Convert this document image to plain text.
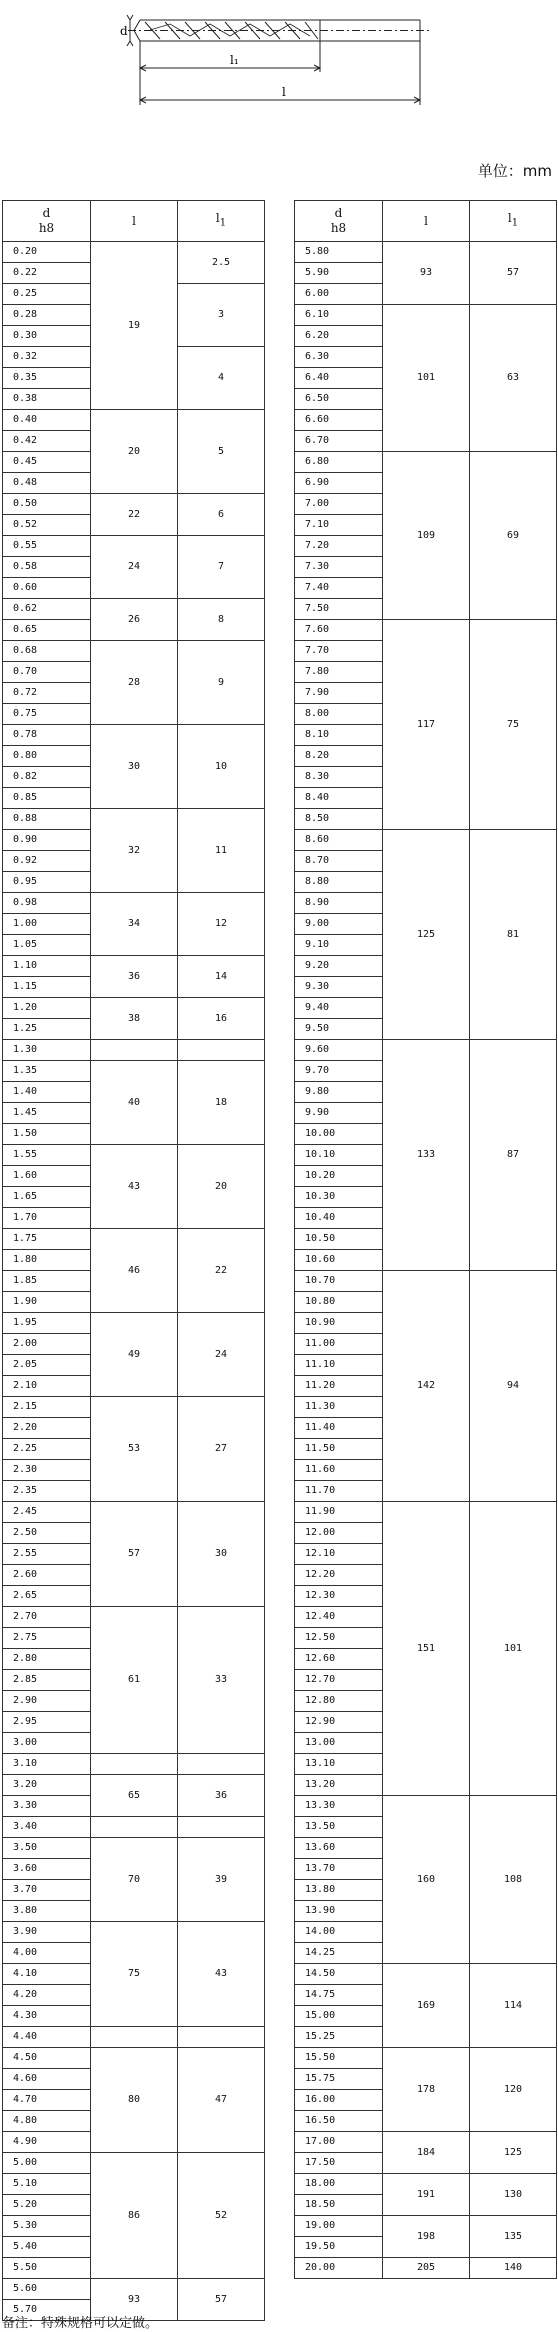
d
l₁
l
单位：mm
d
h8	l	$l_1$
0.20	19	2.5
0.22		
0.25		3
0.28		
0.30		
0.32		4
0.35		
0.38		
0.40	20	5
0.42		
0.45		
0.48		
0.50	22	6
0.52		
0.55	24	7
0.58		
0.60		
0.62	26	8
0.65		
0.68	28	9
0.70		
0.72		
0.75		
0.78	30	10
0.80		
0.82		
0.85		
0.88	32	11
0.90		
0.92		
0.95		
0.98	34	12
1.00		
1.05		
1.10	36	14
1.15		
1.20	38	16
1.25		
1.30		
1.35	40	18
1.40		
1.45		
1.50		
1.55	43	20
1.60		
1.65		
1.70		
1.75	46	22
1.80		
1.85		
1.90		
1.95	49	24
2.00		
2.05		
2.10		
2.15	53	27
2.20		
2.25		
2.30		
2.35		
2.45	57	30
2.50		
2.55		
2.60		
2.65		
2.70	61	33
2.75		
2.80		
2.85		
2.90		
2.95		
3.00		
3.10		
3.20	65	36
3.30		
3.40		
3.50	70	39
3.60		
3.70		
3.80		
3.90	75	43
4.00		
4.10		
4.20		
4.30		
4.40		
4.50	80	47
4.60		
4.70		
4.80		
4.90		
5.00	86	52
5.10		
5.20		
5.30		
5.40		
5.50		
5.60	93	57
5.70		
d
h8	l	$l_1$
5.80	93	57
5.90		
6.00		
6.10	101	63
6.20		
6.30		
6.40		
6.50		
6.60		
6.70		
6.80	109	69
6.90		
7.00		
7.10		
7.20		
7.30		
7.40		
7.50		
7.60	117	75
7.70		
7.80		
7.90		
8.00		
8.10		
8.20		
8.30		
8.40		
8.50		
8.60	125	81
8.70		
8.80		
8.90		
9.00		
9.10		
9.20		
9.30		
9.40		
9.50		
9.60	133	87
9.70		
9.80		
9.90		
10.00		
10.10		
10.20		
10.30		
10.40		
10.50		
10.60		
10.70	142	94
10.80		
10.90		
11.00		
11.10		
11.20		
11.30		
11.40		
11.50		
11.60		
11.70		
11.90	151	101
12.00		
12.10		
12.20		
12.30		
12.40		
12.50		
12.60		
12.70		
12.80		
12.90		
13.00		
13.10		
13.20		
13.30	160	108
13.50		
13.60		
13.70		
13.80		
13.90		
14.00		
14.25		
14.50	169	114
14.75		
15.00		
15.25		
15.50	178	120
15.75		
16.00		
16.50		
17.00	184	125
17.50		
18.00	191	130
18.50		
19.00	198	135
19.50		
20.00	205	140
备注：特殊规格可以定做。
